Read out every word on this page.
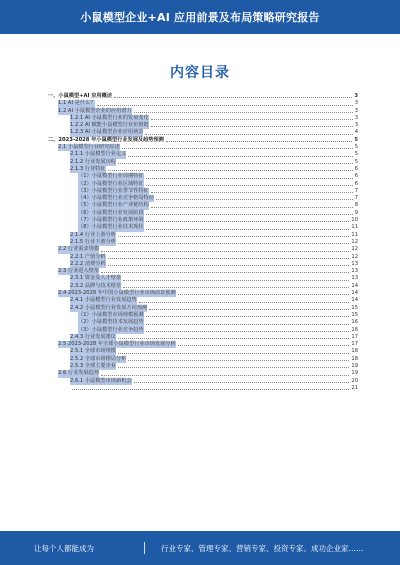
小鼠模型企业+AI 应用前景及布局策略研究报告
内容目录
一、小鼠模型+AI 应用概述	3
1.1 AI 是什么？	3
1.2 AI 小鼠模型企业的应用潜力	3
1.2.1 AI 小鼠模型行业的发展变化	3
1.2.2 AI 赋能小鼠模型行业价值链	3
1.2.3 AI 小鼠模型企业应用场景	4
二、2023-2028 年小鼠模型行业发展及趋势预测	5
2.1 小鼠模型行业研究综述	5
2.1.1 小鼠模型行业定义	5
2.1.2 行业发展历程	5
2.1.3 行业特征	6
（1）小鼠模型行业周期特征	6
（2）小鼠模型行业区域特征	6
（3）小鼠模型行业季节性特征	7
（4）小鼠模型行业竞争格局特征	7
（5）小鼠模型行业产业链结构	8
（6）小鼠模型行业发展阶段	9
（7）小鼠模型行业政策环境	10
（8）小鼠模型行业技术现状	11
2.1.4 行业上游分析	11
2.1.5 行业下游分析	12
2.2 行业需求规模	12
2.2.1 产值分析	12
2.2.2 消费分析	13
2.3 行业进入壁垒	13
2.3.1 资金及人才壁垒	13
2.3.2 品牌与技术壁垒	14
2.4 2023-2028 年中国小鼠模型行业市场前景预测	14
2.4.1 小鼠模型行业发展趋势	14
2.4.2 小鼠模型行业发展方向预测	15
（1）小鼠模型市场规模预测	15
（2）小鼠模型技术发展趋势	16
（3）小鼠模型行业竞争趋势	16
2.4.3 行业发展建议	17
2.5 2023-2028 年全球小鼠模型行业市场发展分析	17
2.5.1 全球市场规模	18
2.5.2 全球市场格局分析	18
2.5.3 全球主要企业	19
2.6 行业发展趋势	19
2.6.1 小鼠模型市场新机会	20
21
让每个人都能成为	行业专家、管理专家、营销专家、投资专家、成功企业家……
